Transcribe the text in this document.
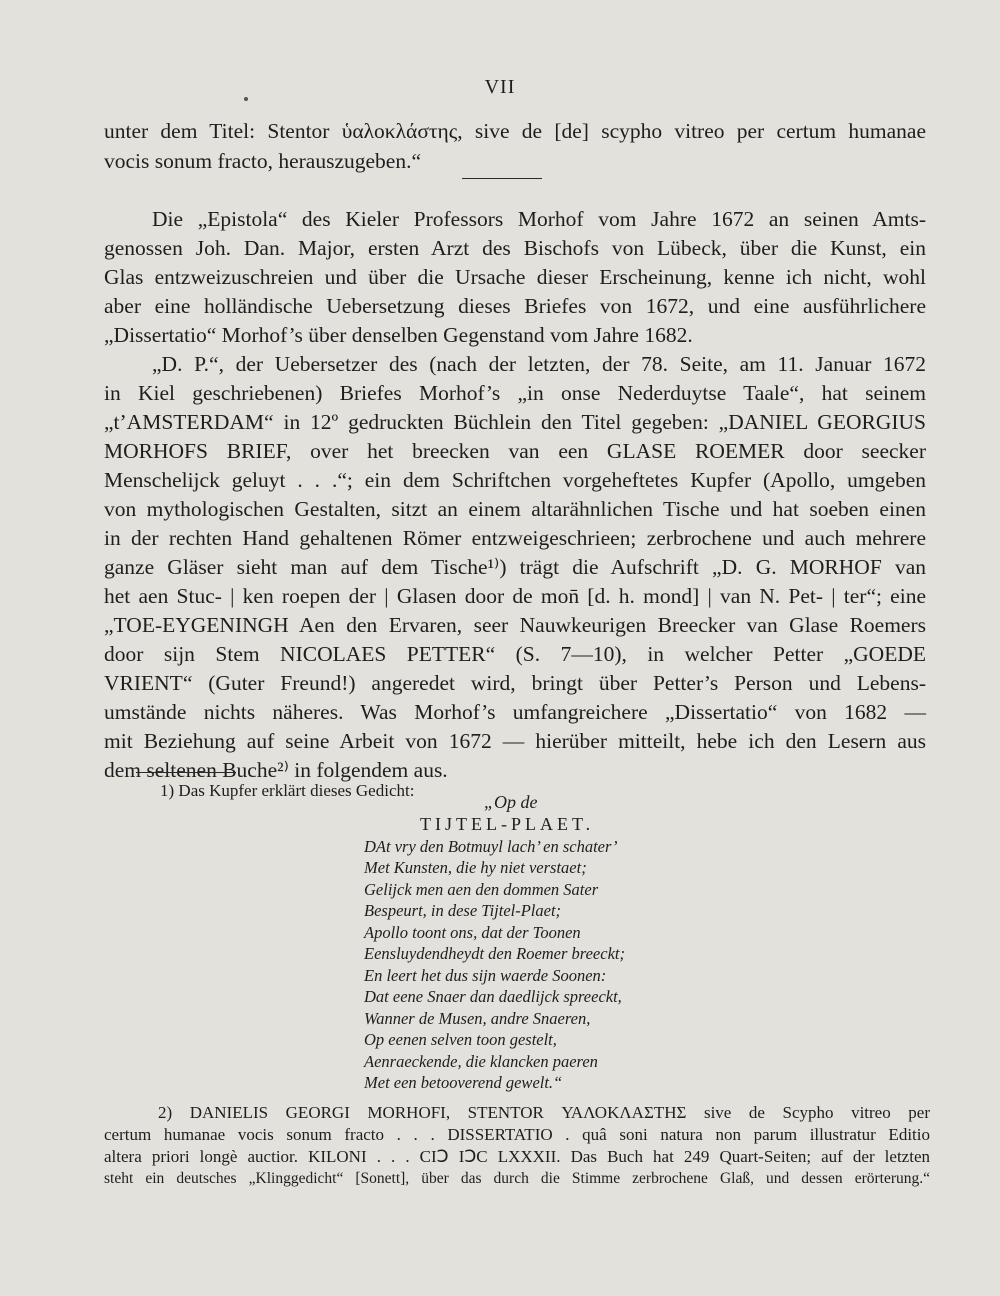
VII
unter dem Titel: Stentor ὑαλοκλάστης, sive de [de] scypho vitreo per certum humanae
vocis sonum fracto, herauszugeben.“
Die „Epistola“ des Kieler Professors Morhof vom Jahre 1672 an seinen Amts-
genossen Joh. Dan. Major, ersten Arzt des Bischofs von Lübeck, über die Kunst, ein
Glas entzweizuschreien und über die Ursache dieser Erscheinung, kenne ich nicht, wohl
aber eine holländische Uebersetzung dieses Briefes von 1672, und eine ausführlichere
„Dissertatio“ Morhof’s über denselben Gegenstand vom Jahre 1682.
„D. P.“, der Uebersetzer des (nach der letzten, der 78. Seite, am 11. Januar 1672
in Kiel geschriebenen) Briefes Morhof’s „in onse Nederduytse Taale“, hat seinem
„t’AMSTERDAM“ in 12º gedruckten Büchlein den Titel gegeben: „DANIEL GEORGIUS
MORHOFS BRIEF, over het breecken van een GLASE ROEMER door seecker
Menschelijck geluyt . . .“; ein dem Schriftchen vorgeheftetes Kupfer (Apollo, umgeben
von mythologischen Gestalten, sitzt an einem altarähnlichen Tische und hat soeben einen
in der rechten Hand gehaltenen Römer entzweigeschrieen; zerbrochene und auch mehrere
ganze Gläser sieht man auf dem Tische¹⁾) trägt die Aufschrift „D. G. MORHOF van
het aen Stuc- | ken roepen der | Glasen door de mon̄ [d. h. mond] | van N. Pet- | ter“; eine
„TOE-EYGENINGH Aen den Ervaren, seer Nauwkeurigen Breecker van Glase Roemers
door sijn Stem NICOLAES PETTER“ (S. 7—10), in welcher Petter „GOEDE
VRIENT“ (Guter Freund!) angeredet wird, bringt über Petter’s Person und Lebens-
umstände nichts näheres. Was Morhof’s umfangreichere „Dissertatio“ von 1682 —
mit Beziehung auf seine Arbeit von 1672 — hierüber mitteilt, hebe ich den Lesern aus
dem seltenen Buche²⁾ in folgendem aus.
1) Das Kupfer erklärt dieses Gedicht:
„Op de
TIJTEL-PLAET.
DAt vry den Botmuyl lach’ en schater’
Met Kunsten, die hy niet verstaet;
Gelijck men aen den dommen Sater
Bespeurt, in dese Tijtel-Plaet;
Apollo toont ons, dat der Toonen
Eensluydendheydt den Roemer breeckt;
En leert het dus sijn waerde Soonen:
Dat eene Snaer dan daedlijck spreeckt,
Wanner de Musen, andre Snaeren,
Op eenen selven toon gestelt,
Aenraeckende, die klancken paeren
Met een betooverend gewelt.“
2) DANIELIS GEORGI MORHOFI, STENTOR ΥΑΛΟΚΛΑΣΤΗΣ sive de Scypho vitreo per
certum humanae vocis sonum fracto . . . DISSERTATIO . quâ soni natura non parum illustratur Editio
altera priori longè auctior. KILONI . . . CIↃ IↃC LXXXII. Das Buch hat 249 Quart-Seiten; auf der letzten
steht ein deutsches „Klinggedicht“ [Sonett], über das durch die Stimme zerbrochene Glaß, und dessen erörterung.“
